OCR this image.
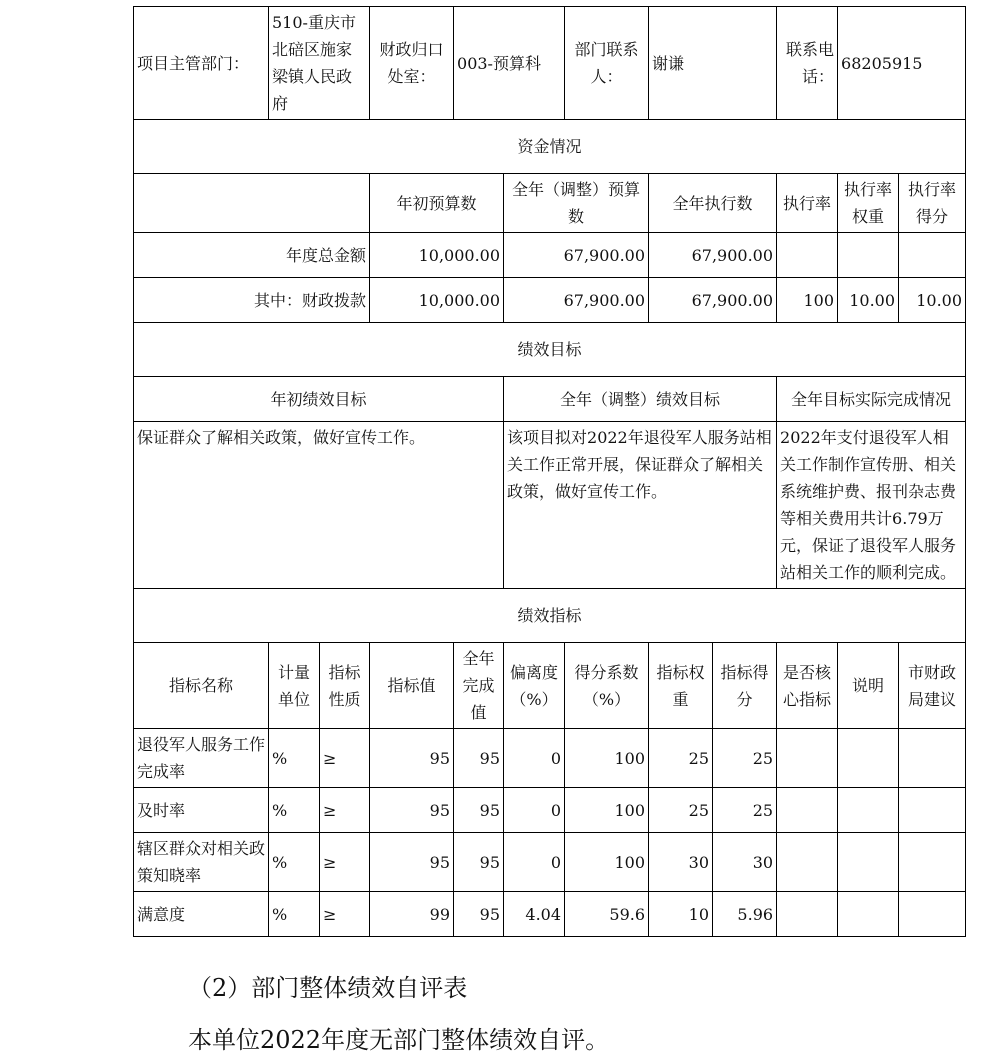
项目主管部门：	510-重庆市北碚区施家梁镇人民政府		财政归口处室：	003-预算科		部门联系人：	谢谦		联系电话：	68205915	
资金情况											
			年初预算数		全年（调整）预算数		全年执行数		执行率	执行率权重	执行率得分
年度总金额			10,000.00		67,900.00		67,900.00				
其中：财政拨款			10,000.00		67,900.00		67,900.00		100	10.00	10.00
绩效目标											
年初绩效目标					全年（调整）绩效目标				全年目标实际完成情况		
保证群众了解相关政策，做好宣传工作。					该项目拟对2022年退役军人服务站相关工作正常开展，保证群众了解相关政策，做好宣传工作。				2022年支付退役军人相关工作制作宣传册、相关系统维护费、报刊杂志费等相关费用共计6.79万元，保证了退役军人服务站相关工作的顺利完成。		
绩效指标											
指标名称	计量单位	指标性质	指标值	全年完成值	偏离度（%）	得分系数（%）	指标权重	指标得分	是否核心指标	说明	市财政局建议
退役军人服务工作完成率	%	≥	95	95	0	100	25	25			
及时率	%	≥	95	95	0	100	25	25			
辖区群众对相关政策知晓率	%	≥	95	95	0	100	30	30			
满意度	%	≥	99	95	4.04	59.6	10	5.96			
（2）部门整体绩效自评表
本单位2022年度无部门整体绩效自评。
